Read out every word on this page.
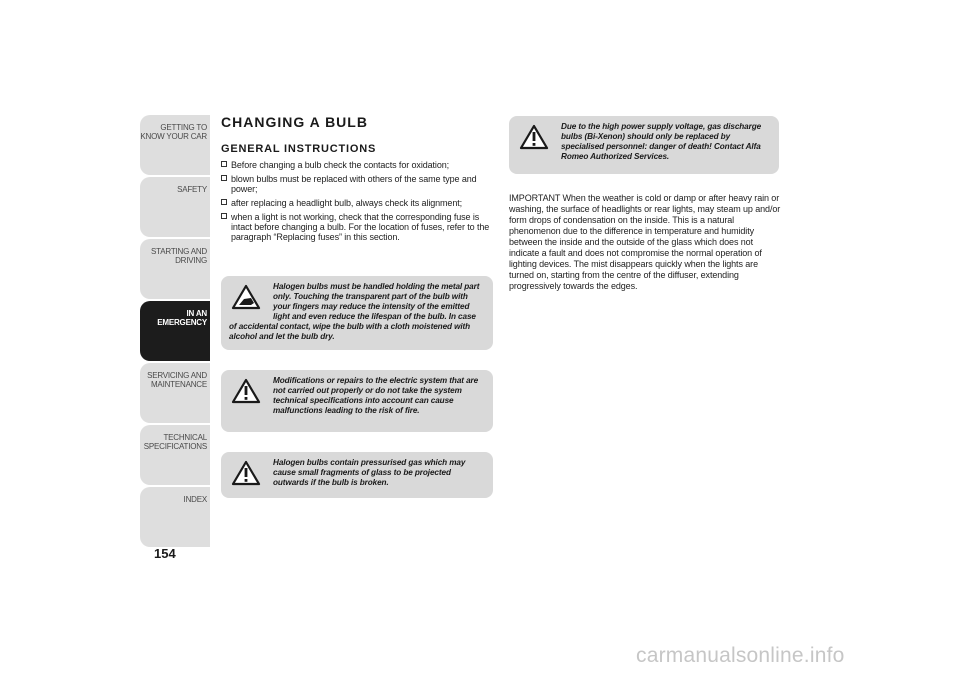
GETTING TO KNOW YOUR CAR
SAFETY
STARTING AND DRIVING
IN AN EMERGENCY
SERVICING AND MAINTENANCE
TECHNICAL SPECIFICATIONS
INDEX
154
CHANGING A BULB
GENERAL INSTRUCTIONS
Before changing a bulb check the contacts for oxidation;
blown bulbs must be replaced with others of the same type and power;
after replacing a headlight bulb, always check its alignment;
when a light is not working, check that the corresponding fuse is intact before changing a bulb. For the location of fuses, refer to the paragraph “Replacing fuses” in this section.
Halogen bulbs must be handled holding the metal part only. Touching the transparent part of the bulb with your fingers may reduce the intensity of the emitted light and even reduce the lifespan of the bulb. In case of accidental contact, wipe the bulb with a cloth moistened with alcohol and let the bulb dry.
Modifications or repairs to the electric system that are not carried out properly or do not take the system technical specifications into account can cause malfunctions leading to the risk of fire.
Halogen bulbs contain pressurised gas which may cause small fragments of glass to be projected outwards if the bulb is broken.
Due to the high power supply voltage, gas discharge bulbs (Bi-Xenon) should only be replaced by specialised personnel: danger of death! Contact Alfa Romeo Authorized Services.
IMPORTANT When the weather is cold or damp or after heavy rain or washing, the surface of headlights or rear lights, may steam up and/or form drops of condensation on the inside. This is a natural phenomenon due to the difference in temperature and humidity between the inside and the outside of the glass which does not indicate a fault and does not compromise the normal operation of lighting devices. The mist disappears quickly when the lights are turned on, starting from the centre of the diffuser, extending progressively towards the edges.
carmanualsonline.info
